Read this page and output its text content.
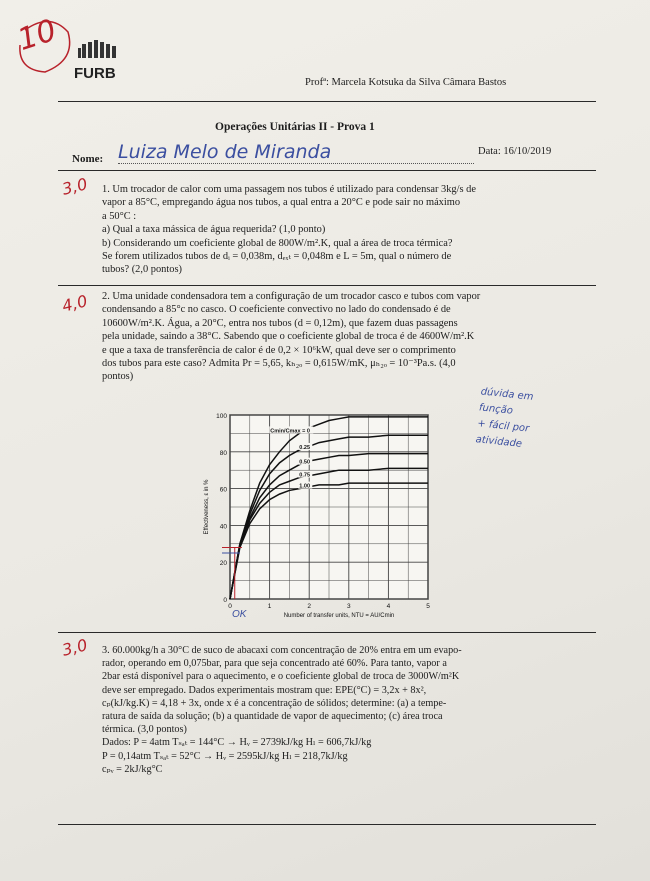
FURB
10
Profª: Marcela Kotsuka da Silva Câmara Bastos
Operações Unitárias II - Prova 1
Nome: Luiza Melo de Miranda	Data: 16/10/2019
3,0 1. Um trocador de calor com uma passagem nos tubos é utilizado para condensar 3kg/s de
vapor a 85°C, empregando água nos tubos, a qual entra a 20°C e pode sair no máximo
a 50°C :
a) Qual a taxa mássica de água requerida? (1,0 ponto)
b) Considerando um coeficiente global de 800W/m².K, qual a área de troca térmica?
Se forem utilizados tubos de dᵢ = 0,038m, dₑₓₜ = 0,048m e L = 5m, qual o número de
tubos? (2,0 pontos)
4,0 2. Uma unidade condensadora tem a configuração de um trocador casco e tubos com vapor
condensando a 85°c no casco. O coeficiente convectivo no lado do condensado é de
10600W/m².K. Água, a 20°C, entra nos tubos (d = 0,12m), que fazem duas passagens
pela unidade, saindo a 38°C. Sabendo que o coeficiente global de troca é de 4600W/m².K
e que a taxa de transferência de calor é de 0,2 × 10⁶kW, qual deve ser o comprimento
dos tubos para este caso? Admita Pr = 5,65, kₕ₂ₒ = 0,615W/mK, μₕ₂ₒ = 10⁻³Pa.s. (4,0
pontos)
dúvida em
função
+ fácil por
atividade
0
20
40
60
80
100
0	1	2	3	4	5
Effectiveness, ε in %
Number of transfer units, NTU = AU/Cmin
Cmin/Cmax = 0
0.25
0.50
0.75
1.00
OK
3,0 3. 60.000kg/h a 30°C de suco de abacaxi com concentração de 20% entra em um evapo-
rador, operando em 0,075bar, para que seja concentrado até 60%. Para tanto, vapor a
2bar está disponível para o aquecimento, e o coeficiente global de troca de 3000W/m²K
deve ser empregado. Dados experimentais mostram que: EPE(°C) = 3,2x + 8x²,
cₚ(kJ/kg.K) = 4,18 + 3x, onde x é a concentração de sólidos; determine: (a) a tempe-
ratura de saída da solução; (b) a quantidade de vapor de aquecimento; (c) área troca
térmica. (3,0 pontos)
Dados: P = 4atm Tₛₐₜ = 144°C → Hᵥ = 2739kJ/kg Hₗ = 606,7kJ/kg
P = 0,14atm Tₛₐₜ = 52°C → Hᵥ = 2595kJ/kg Hₗ = 218,7kJ/kg
cₚᵥ = 2kJ/kg°C
